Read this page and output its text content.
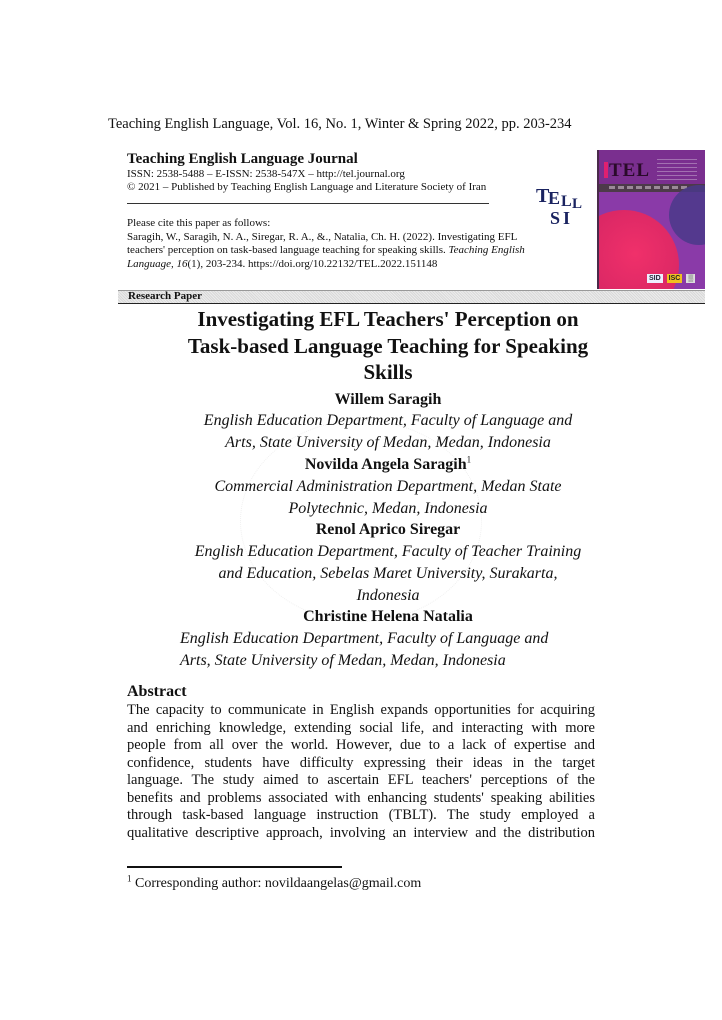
Teaching English Language, Vol. 16, No. 1, Winter & Spring 2022, pp. 203-234
Teaching English Language Journal
ISSN: 2538-5488 – E-ISSN: 2538-547X – http://tel.journal.org
© 2021 – Published by Teaching English Language and Literature Society of Iran
Please cite this paper as follows:
Saragih, W., Saragih, N. A., Siregar, R. A., &., Natalia, Ch. H. (2022). Investigating EFL
teachers' perception on task-based language teaching for speaking skills. Teaching English
Language, 16(1), 203-234. https://doi.org/10.22132/TEL.2022.151148
T
E L L
S I
TEL
SID ISC ▒
Research Paper
Investigating EFL Teachers' Perception on
Task-based Language Teaching for Speaking
Skills
Willem Saragih
English Education Department, Faculty of Language and
Arts, State University of Medan, Medan, Indonesia
Novilda Angela Saragih$^1$
Commercial Administration Department, Medan State
Polytechnic, Medan, Indonesia
Renol Aprico Siregar
English Education Department, Faculty of Teacher Training
and Education, Sebelas Maret University, Surakarta,
Indonesia
Christine Helena Natalia
English Education Department, Faculty of Language and
Arts, State University of Medan, Medan, Indonesia
Abstract
The capacity to communicate in English expands opportunities for acquiring
and enriching knowledge, extending social life, and interacting with more
people from all over the world. However, due to a lack of expertise and
confidence, students have difficulty expressing their ideas in the target
language. The study aimed to ascertain EFL teachers' perceptions of the
benefits and problems associated with enhancing students' speaking abilities
through task-based language instruction (TBLT). The study employed a
qualitative descriptive approach, involving an interview and the distribution
$^1$ Corresponding author: novildaangelas@gmail.com
